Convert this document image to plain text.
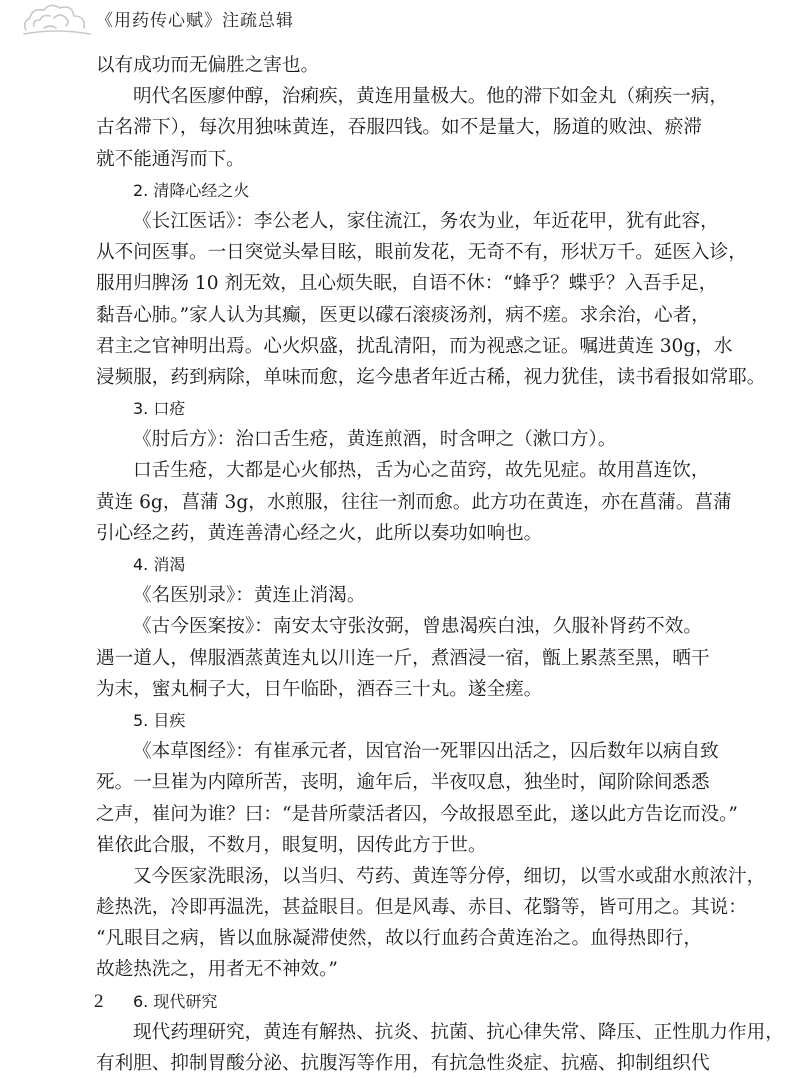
《用药传心赋》注疏总辑
以有成功而无偏胜之害也。
明代名医廖仲醇，治痢疾，黄连用量极大。他的滞下如金丸（痢疾一病，
古名滞下），每次用独味黄连，吞服四钱。如不是量大，肠道的败浊、瘀滞
就不能通泻而下。
2. 清降心经之火
《长江医话》：李公老人，家住流江，务农为业，年近花甲，犹有此容，
从不问医事。一日突觉头晕目眩，眼前发花，无奇不有，形状万千。延医入诊，
服用归脾汤 10 剂无效，且心烦失眠，自语不休：“蜂乎？蝶乎？入吾手足，
黏吾心肺。”家人认为其癫，医更以礞石滚痰汤剂，病不瘥。求余治，心者，
君主之官神明出焉。心火炽盛，扰乱清阳，而为视惑之证。嘱进黄连 30g，水
浸频服，药到病除，单味而愈，迄今患者年近古稀，视力犹佳，读书看报如常耶。
3. 口疮
《肘后方》：治口舌生疮，黄连煎酒，时含呷之（漱口方）。
口舌生疮，大都是心火郁热，舌为心之苗窍，故先见症。故用菖连饮，
黄连 6g，菖蒲 3g，水煎服，往往一剂而愈。此方功在黄连，亦在菖蒲。菖蒲
引心经之药，黄连善清心经之火，此所以奏功如响也。
4. 消渴
《名医别录》：黄连止消渴。
《古今医案按》：南安太守张汝弼，曾患渴疾白浊，久服补肾药不效。
遇一道人，俾服酒蒸黄连丸以川连一斤，煮酒浸一宿，甑上累蒸至黑，晒干
为末，蜜丸桐子大，日午临卧，酒吞三十丸。遂全瘥。
5. 目疾
《本草图经》：有崔承元者，因官治一死罪囚出活之，囚后数年以病自致
死。一旦崔为内障所苦，丧明，逾年后，半夜叹息，独坐时，闻阶除间悉悉
之声，崔问为谁？曰：“是昔所蒙活者囚，今故报恩至此，遂以此方告讫而没。”
崔依此合服，不数月，眼复明，因传此方于世。
又今医家洗眼汤，以当归、芍药、黄连等分停，细切，以雪水或甜水煎浓汁，
趁热洗，冷即再温洗，甚益眼目。但是风毒、赤目、花翳等，皆可用之。其说：
“凡眼目之病，皆以血脉凝滞使然，故以行血药合黄连治之。血得热即行，
故趁热洗之，用者无不神效。”
6. 现代研究
现代药理研究，黄连有解热、抗炎、抗菌、抗心律失常、降压、正性肌力作用，
有利胆、抑制胃酸分泌、抗腹泻等作用，有抗急性炎症、抗癌、抑制组织代
2
